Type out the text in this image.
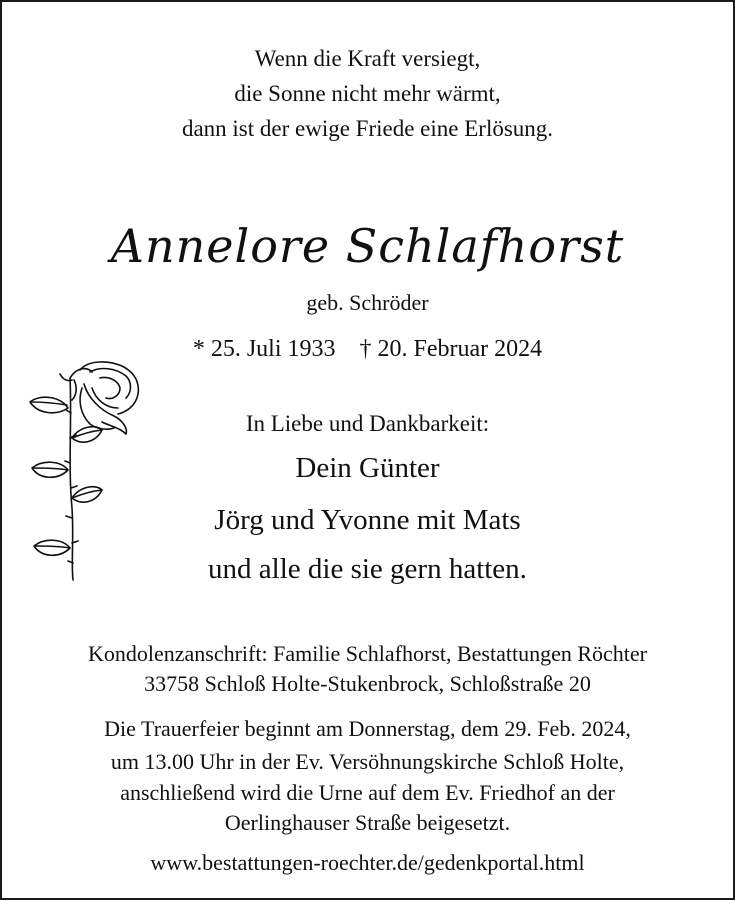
Wenn die Kraft versiegt,
die Sonne nicht mehr wärmt,
dann ist der ewige Friede eine Erlösung.
Annelore Schlafhorst
geb. Schröder
* 25. Juli 1933 † 20. Februar 2024
In Liebe und Dankbarkeit:
Dein Günter
Jörg und Yvonne mit Mats
und alle die sie gern hatten.
Kondolenzanschrift: Familie Schlafhorst, Bestattungen Röchter
33758 Schloß Holte-Stukenbrock, Schloßstraße 20
Die Trauerfeier beginnt am Donnerstag, dem 29. Feb. 2024,
um 13.00 Uhr in der Ev. Versöhnungskirche Schloß Holte,
anschließend wird die Urne auf dem Ev. Friedhof an der
Oerlinghauser Straße beigesetzt.
www.bestattungen-roechter.de/gedenkportal.html
